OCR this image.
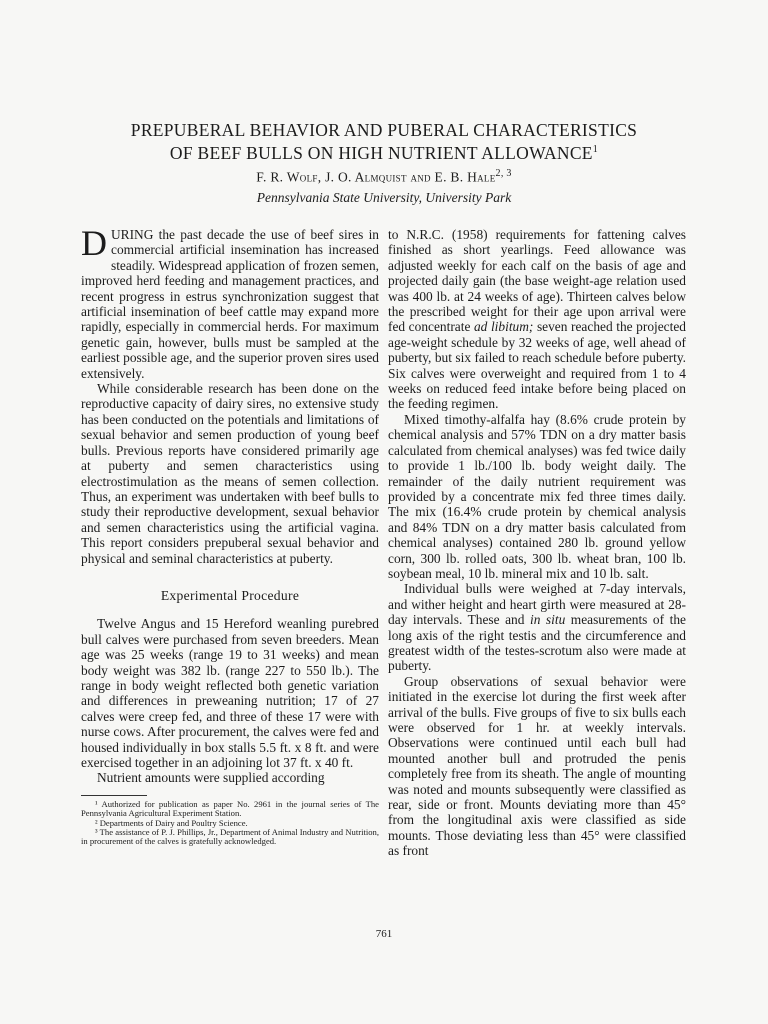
PREPUBERAL BEHAVIOR AND PUBERAL CHARACTERISTICS
OF BEEF BULLS ON HIGH NUTRIENT ALLOWANCE$^1$
F. R. Wolf, J. O. Almquist and E. B. Hale$^{2, 3}$
Pennsylvania State University, University Park

DURING the past decade the use of beef sires in commercial artificial insemination has increased steadily. Widespread application of frozen semen, improved herd feeding and management practices, and recent progress in estrus synchronization suggest that artificial insemination of beef cattle may expand more rapidly, especially in commercial herds. For maximum genetic gain, however, bulls must be sampled at the earliest possible age, and the superior proven sires used extensively.

While considerable research has been done on the reproductive capacity of dairy sires, no extensive study has been conducted on the potentials and limitations of sexual behavior and semen production of young beef bulls. Previous reports have considered primarily age at puberty and semen characteristics using electrostimulation as the means of semen collection. Thus, an experiment was undertaken with beef bulls to study their reproductive development, sexual behavior and semen characteristics using the artificial vagina. This report considers prepuberal sexual behavior and physical and seminal characteristics at puberty.

Experimental Procedure

Twelve Angus and 15 Hereford weanling purebred bull calves were purchased from seven breeders. Mean age was 25 weeks (range 19 to 31 weeks) and mean body weight was 382 lb. (range 227 to 550 lb.). The range in body weight reflected both genetic variation and differences in preweaning nutrition; 17 of 27 calves were creep fed, and three of these 17 were with nurse cows. After procurement, the calves were fed and housed individually in box stalls 5.5 ft. x 8 ft. and were exercised together in an adjoining lot 37 ft. x 40 ft.

Nutrient amounts were supplied according

¹ Authorized for publication as paper No. 2961 in the journal series of The Pennsylvania Agricultural Experiment Station.

² Departments of Dairy and Poultry Science.

³ The assistance of P. J. Phillips, Jr., Department of Animal Industry and Nutrition, in procurement of the calves is gratefully acknowledged.

to N.R.C. (1958) requirements for fattening calves finished as short yearlings. Feed allowance was adjusted weekly for each calf on the basis of age and projected daily gain (the base weight-age relation used was 400 lb. at 24 weeks of age). Thirteen calves below the prescribed weight for their age upon arrival were fed concentrate ad libitum; seven reached the projected age-weight schedule by 32 weeks of age, well ahead of puberty, but six failed to reach schedule before puberty. Six calves were overweight and required from 1 to 4 weeks on reduced feed intake before being placed on the feeding regimen.

Mixed timothy-alfalfa hay (8.6% crude protein by chemical analysis and 57% TDN on a dry matter basis calculated from chemical analyses) was fed twice daily to provide 1 lb./100 lb. body weight daily. The remainder of the daily nutrient requirement was provided by a concentrate mix fed three times daily. The mix (16.4% crude protein by chemical analysis and 84% TDN on a dry matter basis calculated from chemical analyses) contained 280 lb. ground yellow corn, 300 lb. rolled oats, 300 lb. wheat bran, 100 lb. soybean meal, 10 lb. mineral mix and 10 lb. salt.

Individual bulls were weighed at 7-day intervals, and wither height and heart girth were measured at 28-day intervals. These and in situ measurements of the long axis of the right testis and the circumference and greatest width of the testes-scrotum also were made at puberty.

Group observations of sexual behavior were initiated in the exercise lot during the first week after arrival of the bulls. Five groups of five to six bulls each were observed for 1 hr. at weekly intervals. Observations were continued until each bull had mounted another bull and protruded the penis completely free from its sheath. The angle of mounting was noted and mounts subsequently were classified as rear, side or front. Mounts deviating more than 45° from the longitudinal axis were classified as side mounts. Those deviating less than 45° were classified as front

761
